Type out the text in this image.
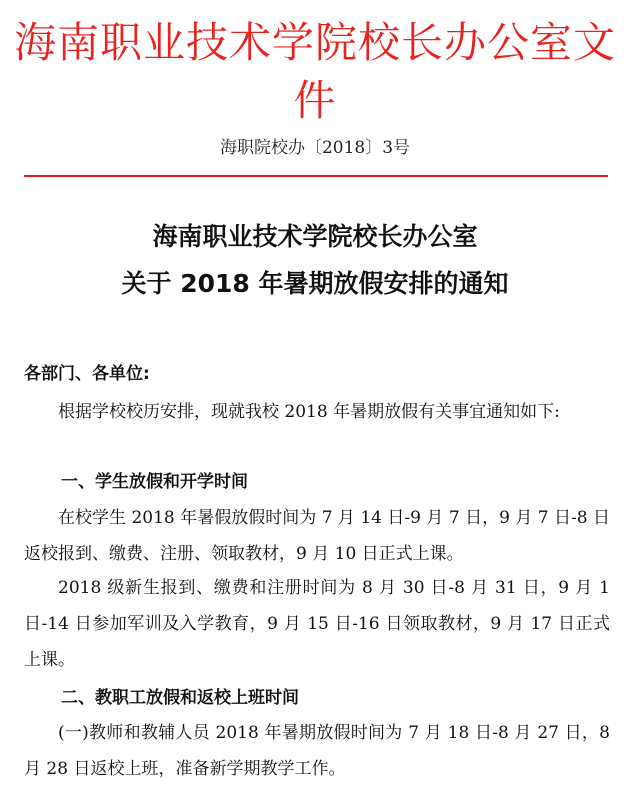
海南职业技术学院校长办公室文件
海职院校办〔2018〕3号
海南职业技术学院校长办公室
关于 2018 年暑期放假安排的通知
各部门、各单位:

根据学校校历安排，现就我校 2018 年暑期放假有关事宜通知如下:

一、学生放假和开学时间

在校学生 2018 年暑假放假时间为 7 月 14 日-9 月 7 日，9 月 7 日-8 日返校报到、缴费、注册、领取教材，9 月 10 日正式上课。

2018 级新生报到、缴费和注册时间为 8 月 30 日-8 月 31 日，9 月 1 日-14 日参加军训及入学教育，9 月 15 日-16 日领取教材，9 月 17 日正式上课。

二、教职工放假和返校上班时间

(一)教师和教辅人员 2018 年暑期放假时间为 7 月 18 日-8 月 27 日，8 月 28 日返校上班，准备新学期教学工作。
